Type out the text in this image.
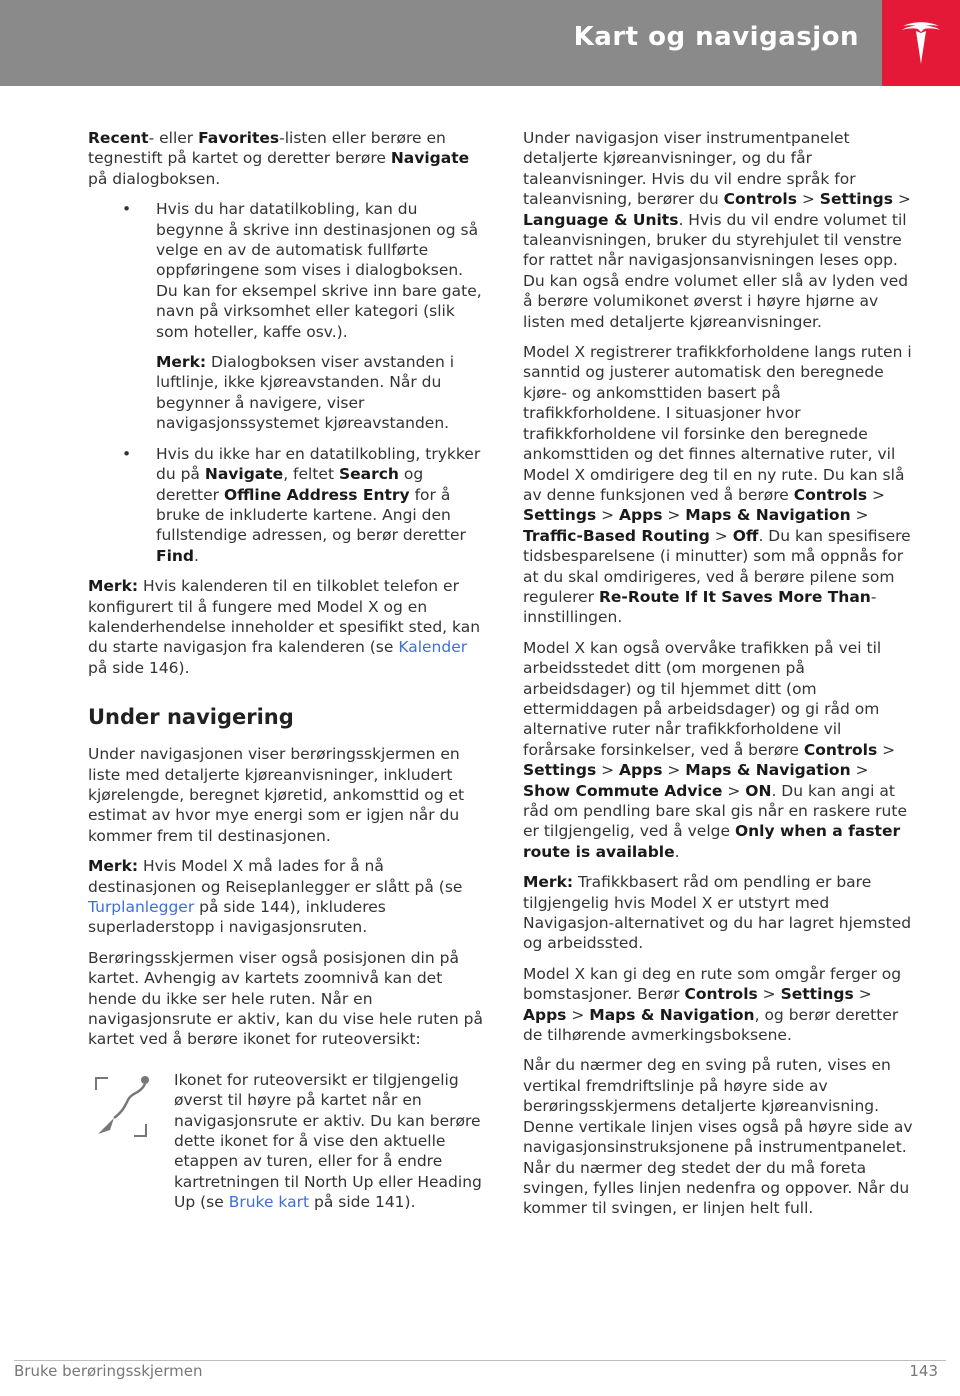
Kart og navigasjon

Recent- eller Favorites-listen eller berøre en tegnestift på kartet og deretter berøre Navigate på dialogboksen.

• Hvis du har datatilkobling, kan du begynne å skrive inn destinasjonen og så velge en av de automatisk fullførte oppføringene som vises i dialogboksen. Du kan for eksempel skrive inn bare gate, navn på virksomhet eller kategori (slik som hoteller, kaffe osv.).

Merk: Dialogboksen viser avstanden i luftlinje, ikke kjøreavstanden. Når du begynner å navigere, viser navigasjonssystemet kjøreavstanden.

• Hvis du ikke har en datatilkobling, trykker du på Navigate, feltet Search og deretter Offline Address Entry for å bruke de inkluderte kartene. Angi den fullstendige adressen, og berør deretter Find.

Merk: Hvis kalenderen til en tilkoblet telefon er konfigurert til å fungere med Model X og en kalenderhendelse inneholder et spesifikt sted, kan du starte navigasjon fra kalenderen (se Kalender på side 146).

Under navigering

Under navigasjonen viser berøringsskjermen en liste med detaljerte kjøreanvisninger, inkludert kjørelengde, beregnet kjøretid, ankomsttid og et estimat av hvor mye energi som er igjen når du kommer frem til destinasjonen.

Merk: Hvis Model X må lades for å nå destinasjonen og Reiseplanlegger er slått på (se Turplanlegger på side 144), inkluderes superladerstopp i navigasjonsruten.

Berøringsskjermen viser også posisjonen din på kartet. Avhengig av kartets zoomnivå kan det hende du ikke ser hele ruten. Når en navigasjonsrute er aktiv, kan du vise hele ruten på kartet ved å berøre ikonet for ruteoversikt:

Ikonet for ruteoversikt er tilgjengelig øverst til høyre på kartet når en navigasjonsrute er aktiv. Du kan berøre dette ikonet for å vise den aktuelle etappen av turen, eller for å endre kartretningen til North Up eller Heading Up (se Bruke kart på side 141).

Under navigasjon viser instrumentpanelet detaljerte kjøreanvisninger, og du får taleanvisninger. Hvis du vil endre språk for taleanvisning, berører du Controls > Settings > Language & Units. Hvis du vil endre volumet til taleanvisningen, bruker du styrehjulet til venstre for rattet når navigasjonsanvisningen leses opp. Du kan også endre volumet eller slå av lyden ved å berøre volumikonet øverst i høyre hjørne av listen med detaljerte kjøreanvisninger.

Model X registrerer trafikkforholdene langs ruten i sanntid og justerer automatisk den beregnede kjøre- og ankomsttiden basert på trafikkforholdene. I situasjoner hvor trafikkforholdene vil forsinke den beregnede ankomsttiden og det finnes alternative ruter, vil Model X omdirigere deg til en ny rute. Du kan slå av denne funksjonen ved å berøre Controls > Settings > Apps > Maps & Navigation > Traffic-Based Routing > Off. Du kan spesifisere tidsbesparelsene (i minutter) som må oppnås for at du skal omdirigeres, ved å berøre pilene som regulerer Re-Route If It Saves More Than-innstillingen.

Model X kan også overvåke trafikken på vei til arbeidsstedet ditt (om morgenen på arbeidsdager) og til hjemmet ditt (om ettermiddagen på arbeidsdager) og gi råd om alternative ruter når trafikkforholdene vil forårsake forsinkelser, ved å berøre Controls > Settings > Apps > Maps & Navigation > Show Commute Advice > ON. Du kan angi at råd om pendling bare skal gis når en raskere rute er tilgjengelig, ved å velge Only when a faster route is available.

Merk: Trafikkbasert råd om pendling er bare tilgjengelig hvis Model X er utstyrt med Navigasjon-alternativet og du har lagret hjemsted og arbeidssted.

Model X kan gi deg en rute som omgår ferger og bomstasjoner. Berør Controls > Settings > Apps > Maps & Navigation, og berør deretter de tilhørende avmerkingsboksene.

Når du nærmer deg en sving på ruten, vises en vertikal fremdriftslinje på høyre side av berøringsskjermens detaljerte kjøreanvisning. Denne vertikale linjen vises også på høyre side av navigasjonsinstruksjonene på instrumentpanelet. Når du nærmer deg stedet der du må foreta svingen, fylles linjen nedenfra og oppover. Når du kommer til svingen, er linjen helt full.

Bruke berøringsskjermen	143
